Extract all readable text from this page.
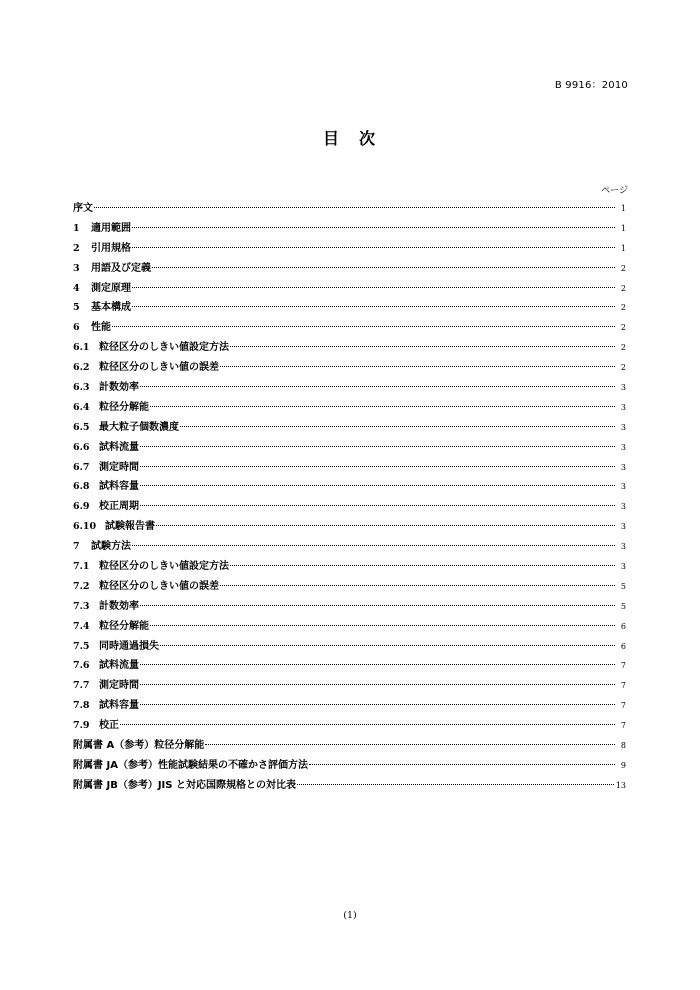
B 9916：2010
目　次
ページ
序文	1
1	適用範囲	1
2	引用規格	1
3	用語及び定義	2
4	測定原理	2
5	基本構成	2
6	性能	2
6.1 粒径区分のしきい値設定方法	2
6.2 粒径区分のしきい値の誤差	2
6.3 計数効率	3
6.4 粒径分解能	3
6.5 最大粒子個数濃度	3
6.6 試料流量	3
6.7 測定時間	3
6.8 試料容量	3
6.9 校正周期	3
6.10 試験報告書	3
7	試験方法	3
7.1 粒径区分のしきい値設定方法	3
7.2 粒径区分のしきい値の誤差	5
7.3 計数効率	5
7.4 粒径分解能	6
7.5 同時通過損失	6
7.6 試料流量	7
7.7 測定時間	7
7.8 試料容量	7
7.9 校正	7
附属書 A（参考）粒径分解能	8
附属書 JA（参考）性能試験結果の不確かさ評価方法	9
附属書 JB（参考）JIS と対応国際規格との対比表	13
(1)
